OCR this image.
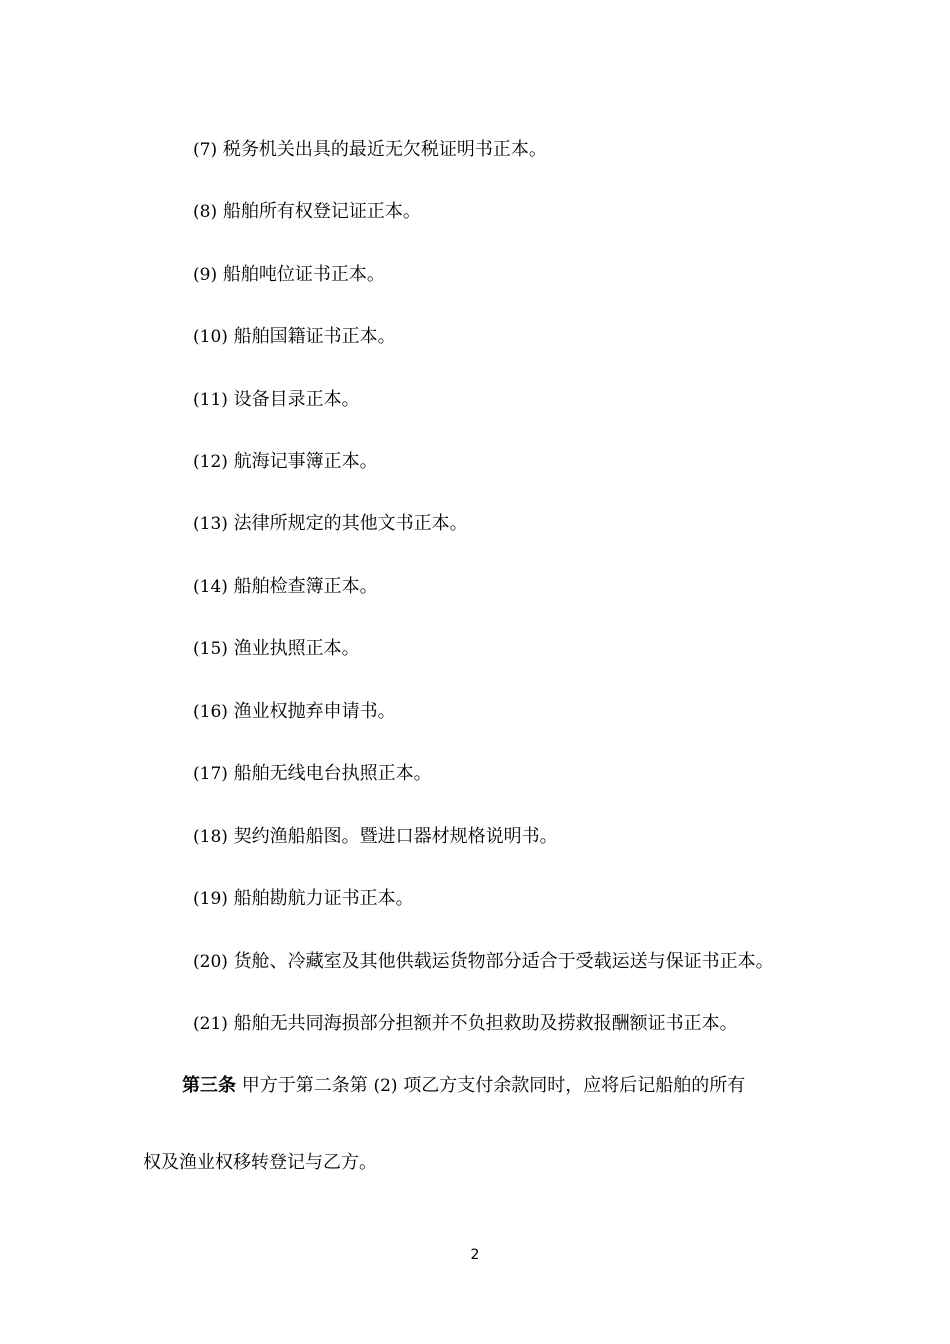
(7) 税务机关出具的最近无欠税证明书正本。
(8) 船舶所有权登记证正本。
(9) 船舶吨位证书正本。
(10) 船舶国籍证书正本。
(11) 设备目录正本。
(12) 航海记事簿正本。
(13) 法律所规定的其他文书正本。
(14) 船舶检查簿正本。
(15) 渔业执照正本。
(16) 渔业权抛弃申请书。
(17) 船舶无线电台执照正本。
(18) 契约渔船船图。暨进口器材规格说明书。
(19) 船舶勘航力证书正本。
(20) 货舱、冷藏室及其他供载运货物部分适合于受载运送与保证书正本。
(21) 船舶无共同海损部分担额并不负担救助及捞救报酬额证书正本。
第三条 甲方于第二条第 (2) 项乙方支付余款同时，应将后记船舶的所有
权及渔业权移转登记与乙方。
2
